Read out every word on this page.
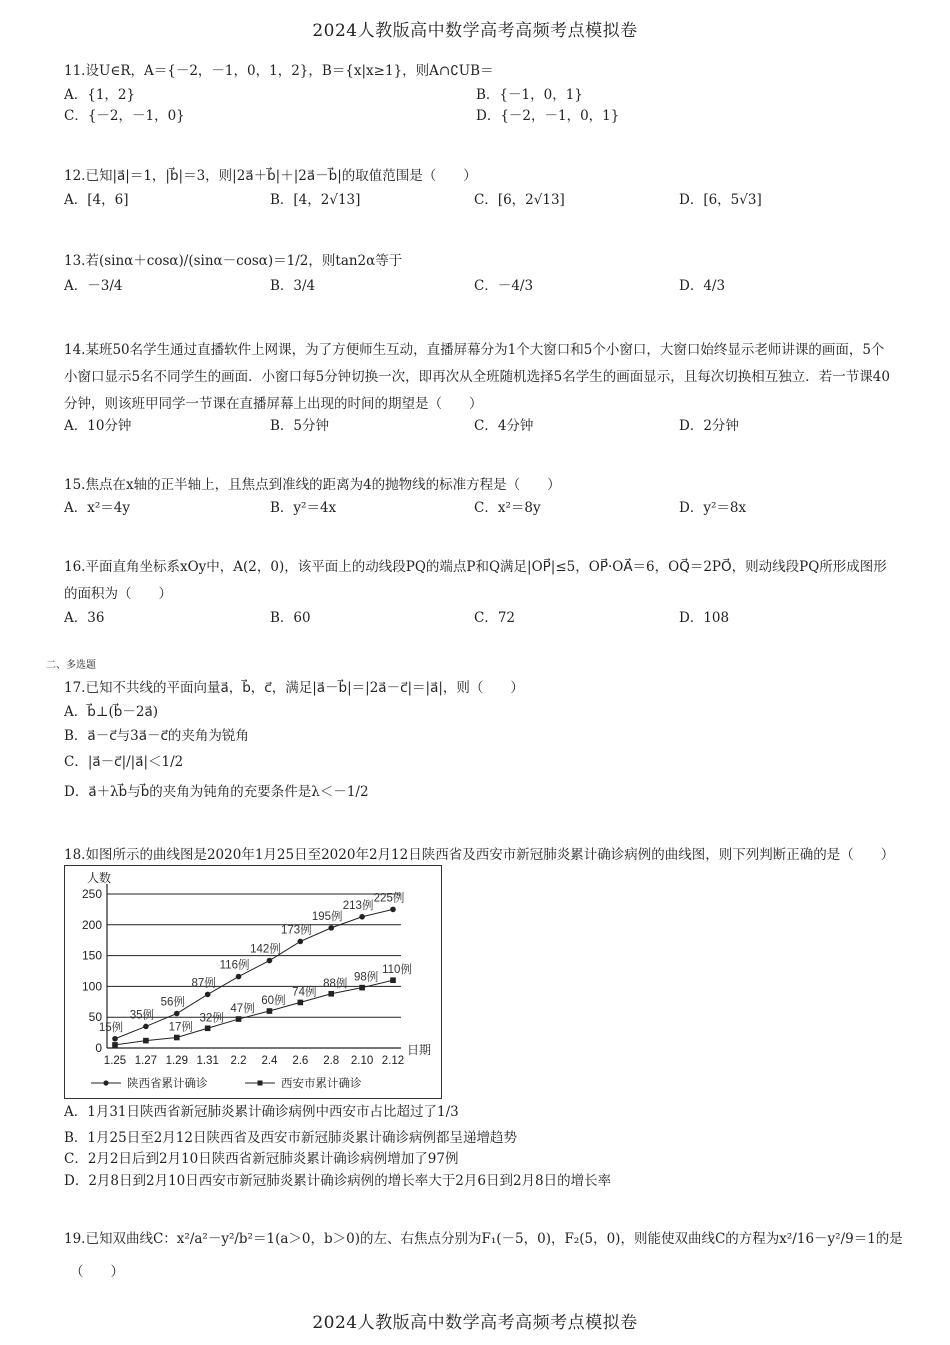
2024人教版高中数学高考高频考点模拟卷
11.设U∈R，A＝{－2，－1，0，1，2}，B＝{x|x≥1}，则A∩∁UB＝
A．{1，2}	B．{－1，0，1}
C．{－2，－1，0}	D．{－2，－1，0，1}
12.已知|a⃗|＝1，|b⃗|＝3，则|2a⃗＋b⃗|＋|2a⃗－b⃗|的取值范围是（　　）
A．[4，6]	B．[4，2√13]	C．[6，2√13]	D．[6，5√3]
13.若(sinα＋cosα)/(sinα－cosα)＝1/2，则tan2α等于
A．－3/4	B．3/4	C．－4/3	D．4/3
14.某班50名学生通过直播软件上网课，为了方便师生互动，直播屏幕分为1个大窗口和5个小窗口，大窗口始终显示老师讲课的画面，5个小窗口显示5名不同学生的画面．小窗口每5分钟切换一次，即再次从全班随机选择5名学生的画面显示，且每次切换相互独立．若一节课40分钟，则该班甲同学一节课在直播屏幕上出现的时间的期望是（　　）
A．10分钟	B．5分钟	C．4分钟	D．2分钟
15.焦点在x轴的正半轴上，且焦点到准线的距离为4的抛物线的标准方程是（　　）
A．x²＝4y	B．y²＝4x	C．x²＝8y	D．y²＝8x
16.平面直角坐标系xOy中，A(2，0)，该平面上的动线段PQ的端点P和Q满足|OP⃗|≤5，OP⃗·OA⃗＝6，OQ⃗＝2PO⃗，则动线段PQ所形成图形的面积为（　　）
A．36	B．60	C．72	D．108
二、多选题
17.已知不共线的平面向量a⃗，b⃗，c⃗，满足|a⃗－b⃗|＝|2a⃗－c⃗|＝|a⃗|，则（　　）
A．b⃗⊥(b⃗－2a⃗)
B．a⃗－c⃗与3a⃗－c⃗的夹角为锐角
C．|a⃗－c⃗|/|a⃗|＜1/2
D．a⃗＋λb⃗与b⃗的夹角为钝角的充要条件是λ＜－1/2
18.如图所示的曲线图是2020年1月25日至2020年2月12日陕西省及西安市新冠肺炎累计确诊病例的曲线图，则下列判断正确的是（　　）
250
200
150
100
50
0
人数
日期
1.25 1.27 1.29 1.31 2.2 2.4 2.6 2.8 2.10 2.12
15例
35例
56例
87例
116例
142例
173例
195例
213例
225例
17例
32例
47例
60例
74例
88例
98例
110例
陕西省累计确诊	西安市累计确诊
A．1月31日陕西省新冠肺炎累计确诊病例中西安市占比超过了1/3
B．1月25日至2月12日陕西省及西安市新冠肺炎累计确诊病例都呈递增趋势
C．2月2日后到2月10日陕西省新冠肺炎累计确诊病例增加了97例
D．2月8日到2月10日西安市新冠肺炎累计确诊病例的增长率大于2月6日到2月8日的增长率
19.已知双曲线C：x²/a²－y²/b²＝1(a＞0，b＞0)的左、右焦点分别为F₁(－5，0)，F₂(5，0)，则能使双曲线C的方程为x²/16－y²/9＝1的是
（　　）
2024人教版高中数学高考高频考点模拟卷
